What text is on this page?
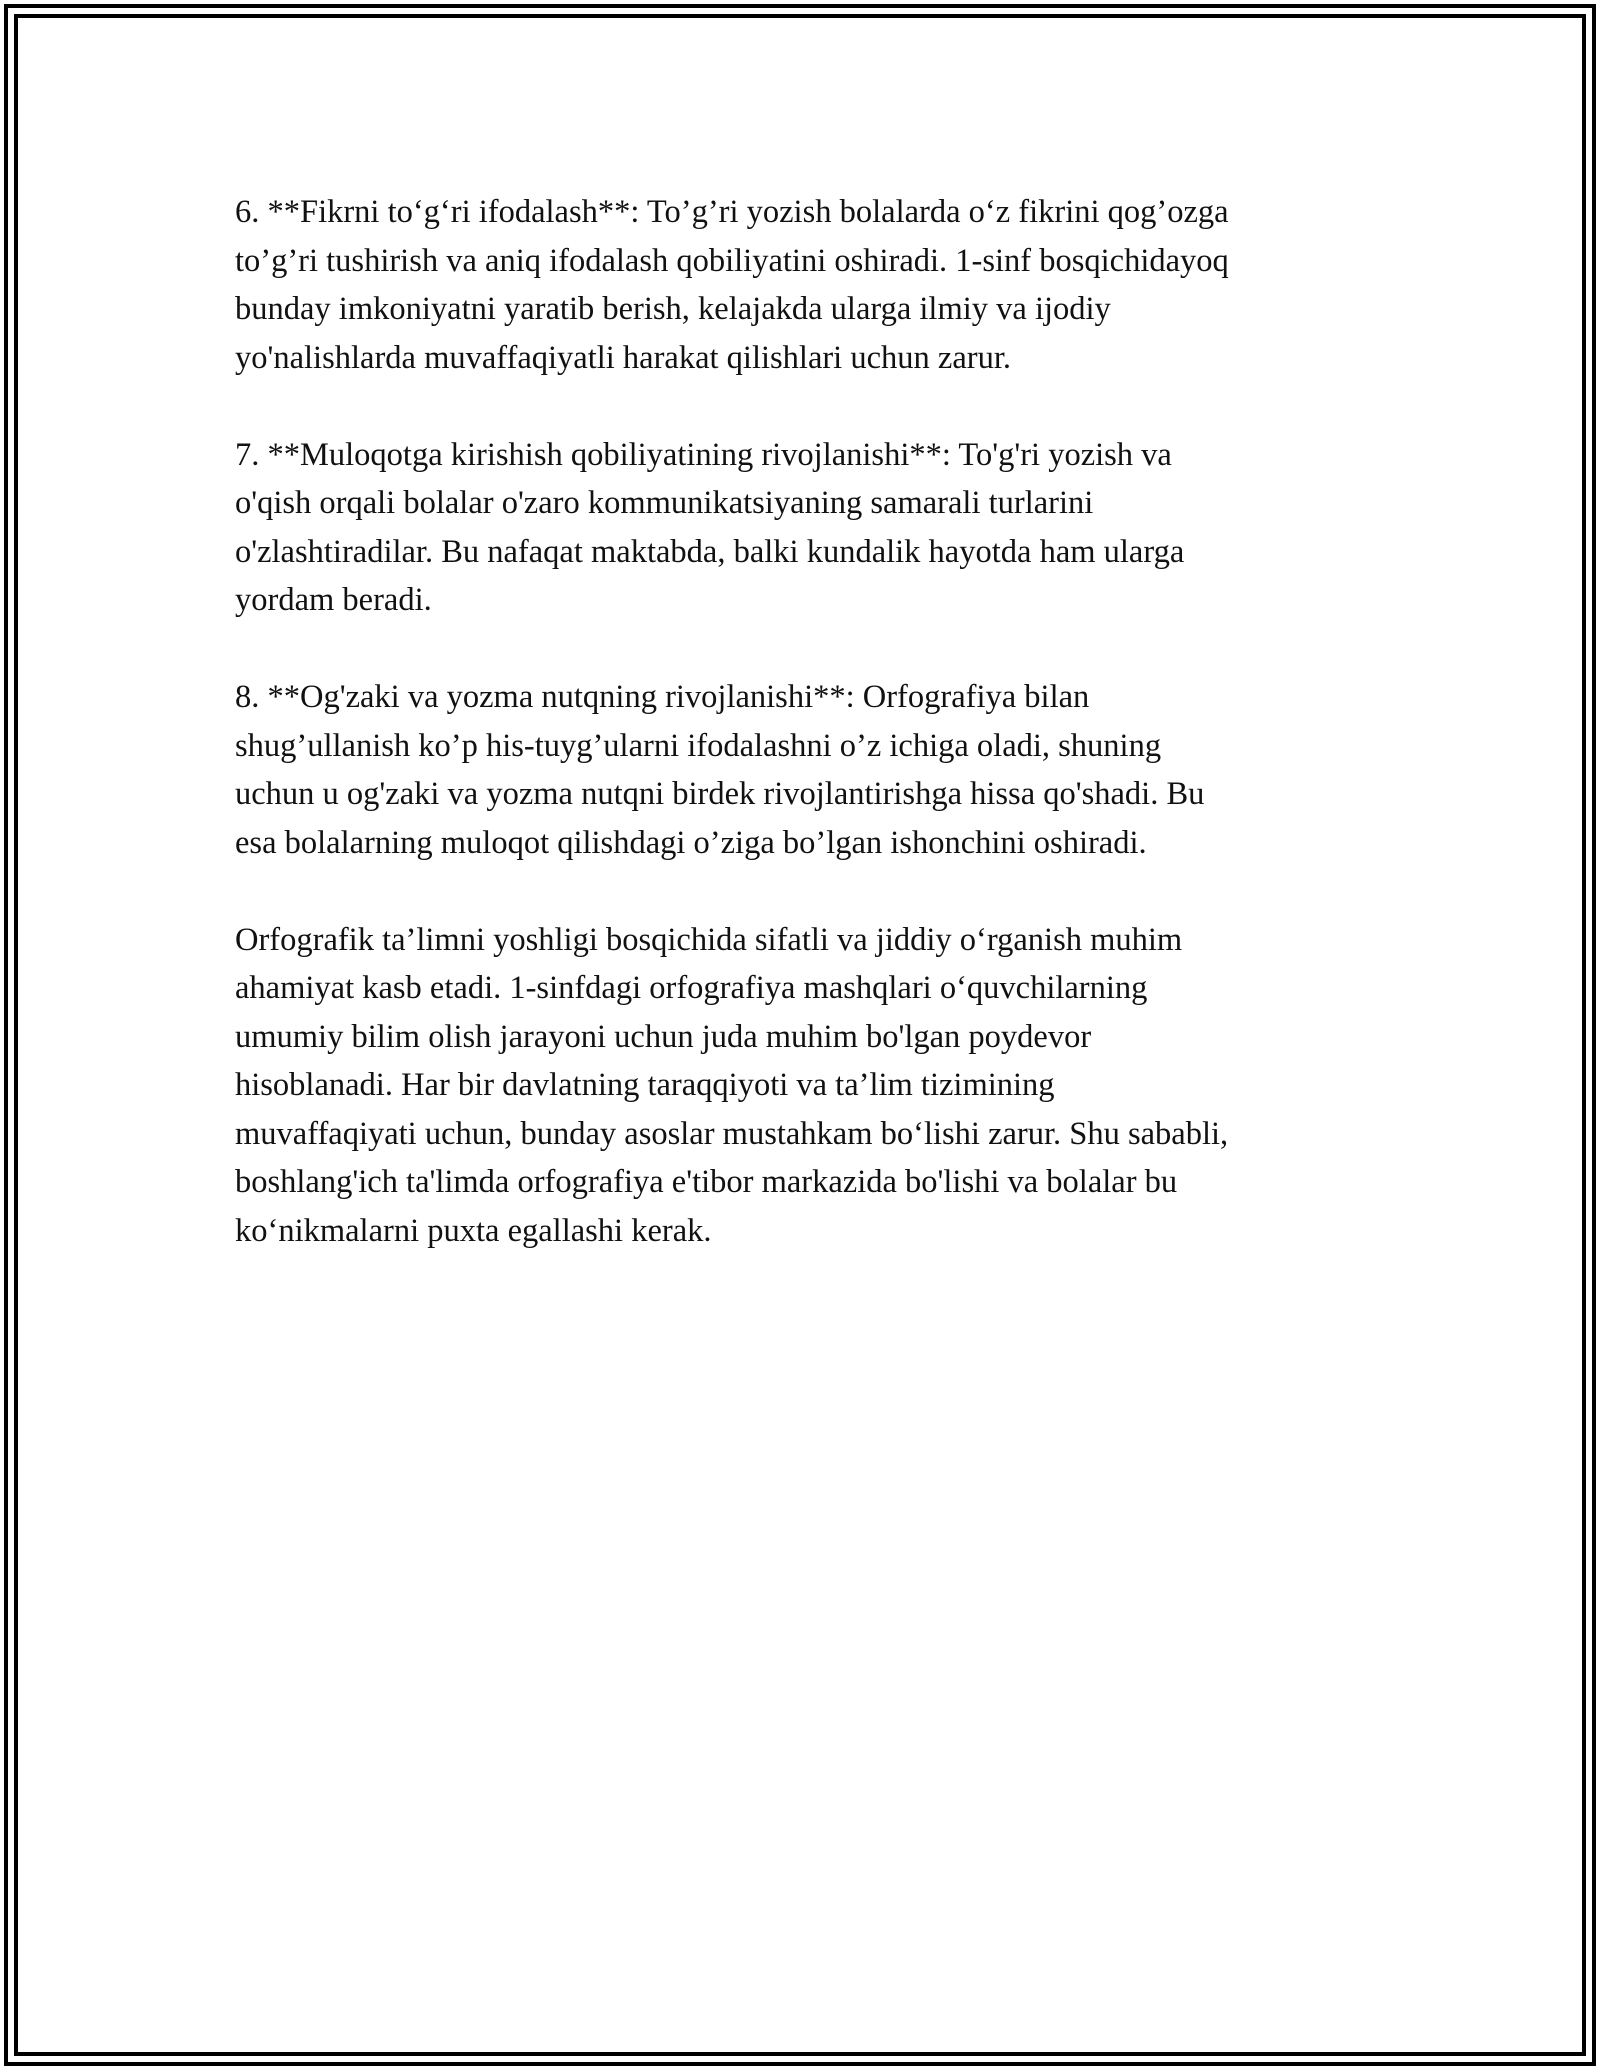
6. **Fikrni to‘g‘ri ifodalash**: To’g’ri yozish bolalarda o‘z fikrini qog’ozga
to’g’ri tushirish va aniq ifodalash qobiliyatini oshiradi. 1-sinf bosqichidayoq
bunday imkoniyatni yaratib berish, kelajakda ularga ilmiy va ijodiy
yo'nalishlarda muvaffaqiyatli harakat qilishlari uchun zarur.

7. **Muloqotga kirishish qobiliyatining rivojlanishi**: To'g'ri yozish va
o'qish orqali bolalar o'zaro kommunikatsiyaning samarali turlarini
o'zlashtiradilar. Bu nafaqat maktabda, balki kundalik hayotda ham ularga
yordam beradi.

8. **Og'zaki va yozma nutqning rivojlanishi**: Orfografiya bilan
shug’ullanish ko’p his-tuyg’ularni ifodalashni o’z ichiga oladi, shuning
uchun u og'zaki va yozma nutqni birdek rivojlantirishga hissa qo'shadi. Bu
esa bolalarning muloqot qilishdagi o’ziga bo’lgan ishonchini oshiradi.

Orfografik ta’limni yoshligi bosqichida sifatli va jiddiy o‘rganish muhim
ahamiyat kasb etadi. 1-sinfdagi orfografiya mashqlari o‘quvchilarning
umumiy bilim olish jarayoni uchun juda muhim bo'lgan poydevor
hisoblanadi. Har bir davlatning taraqqiyoti va ta’lim tizimining
muvaffaqiyati uchun, bunday asoslar mustahkam bo‘lishi zarur. Shu sababli,
boshlang'ich ta'limda orfografiya e'tibor markazida bo'lishi va bolalar bu
ko‘nikmalarni puxta egallashi kerak.
